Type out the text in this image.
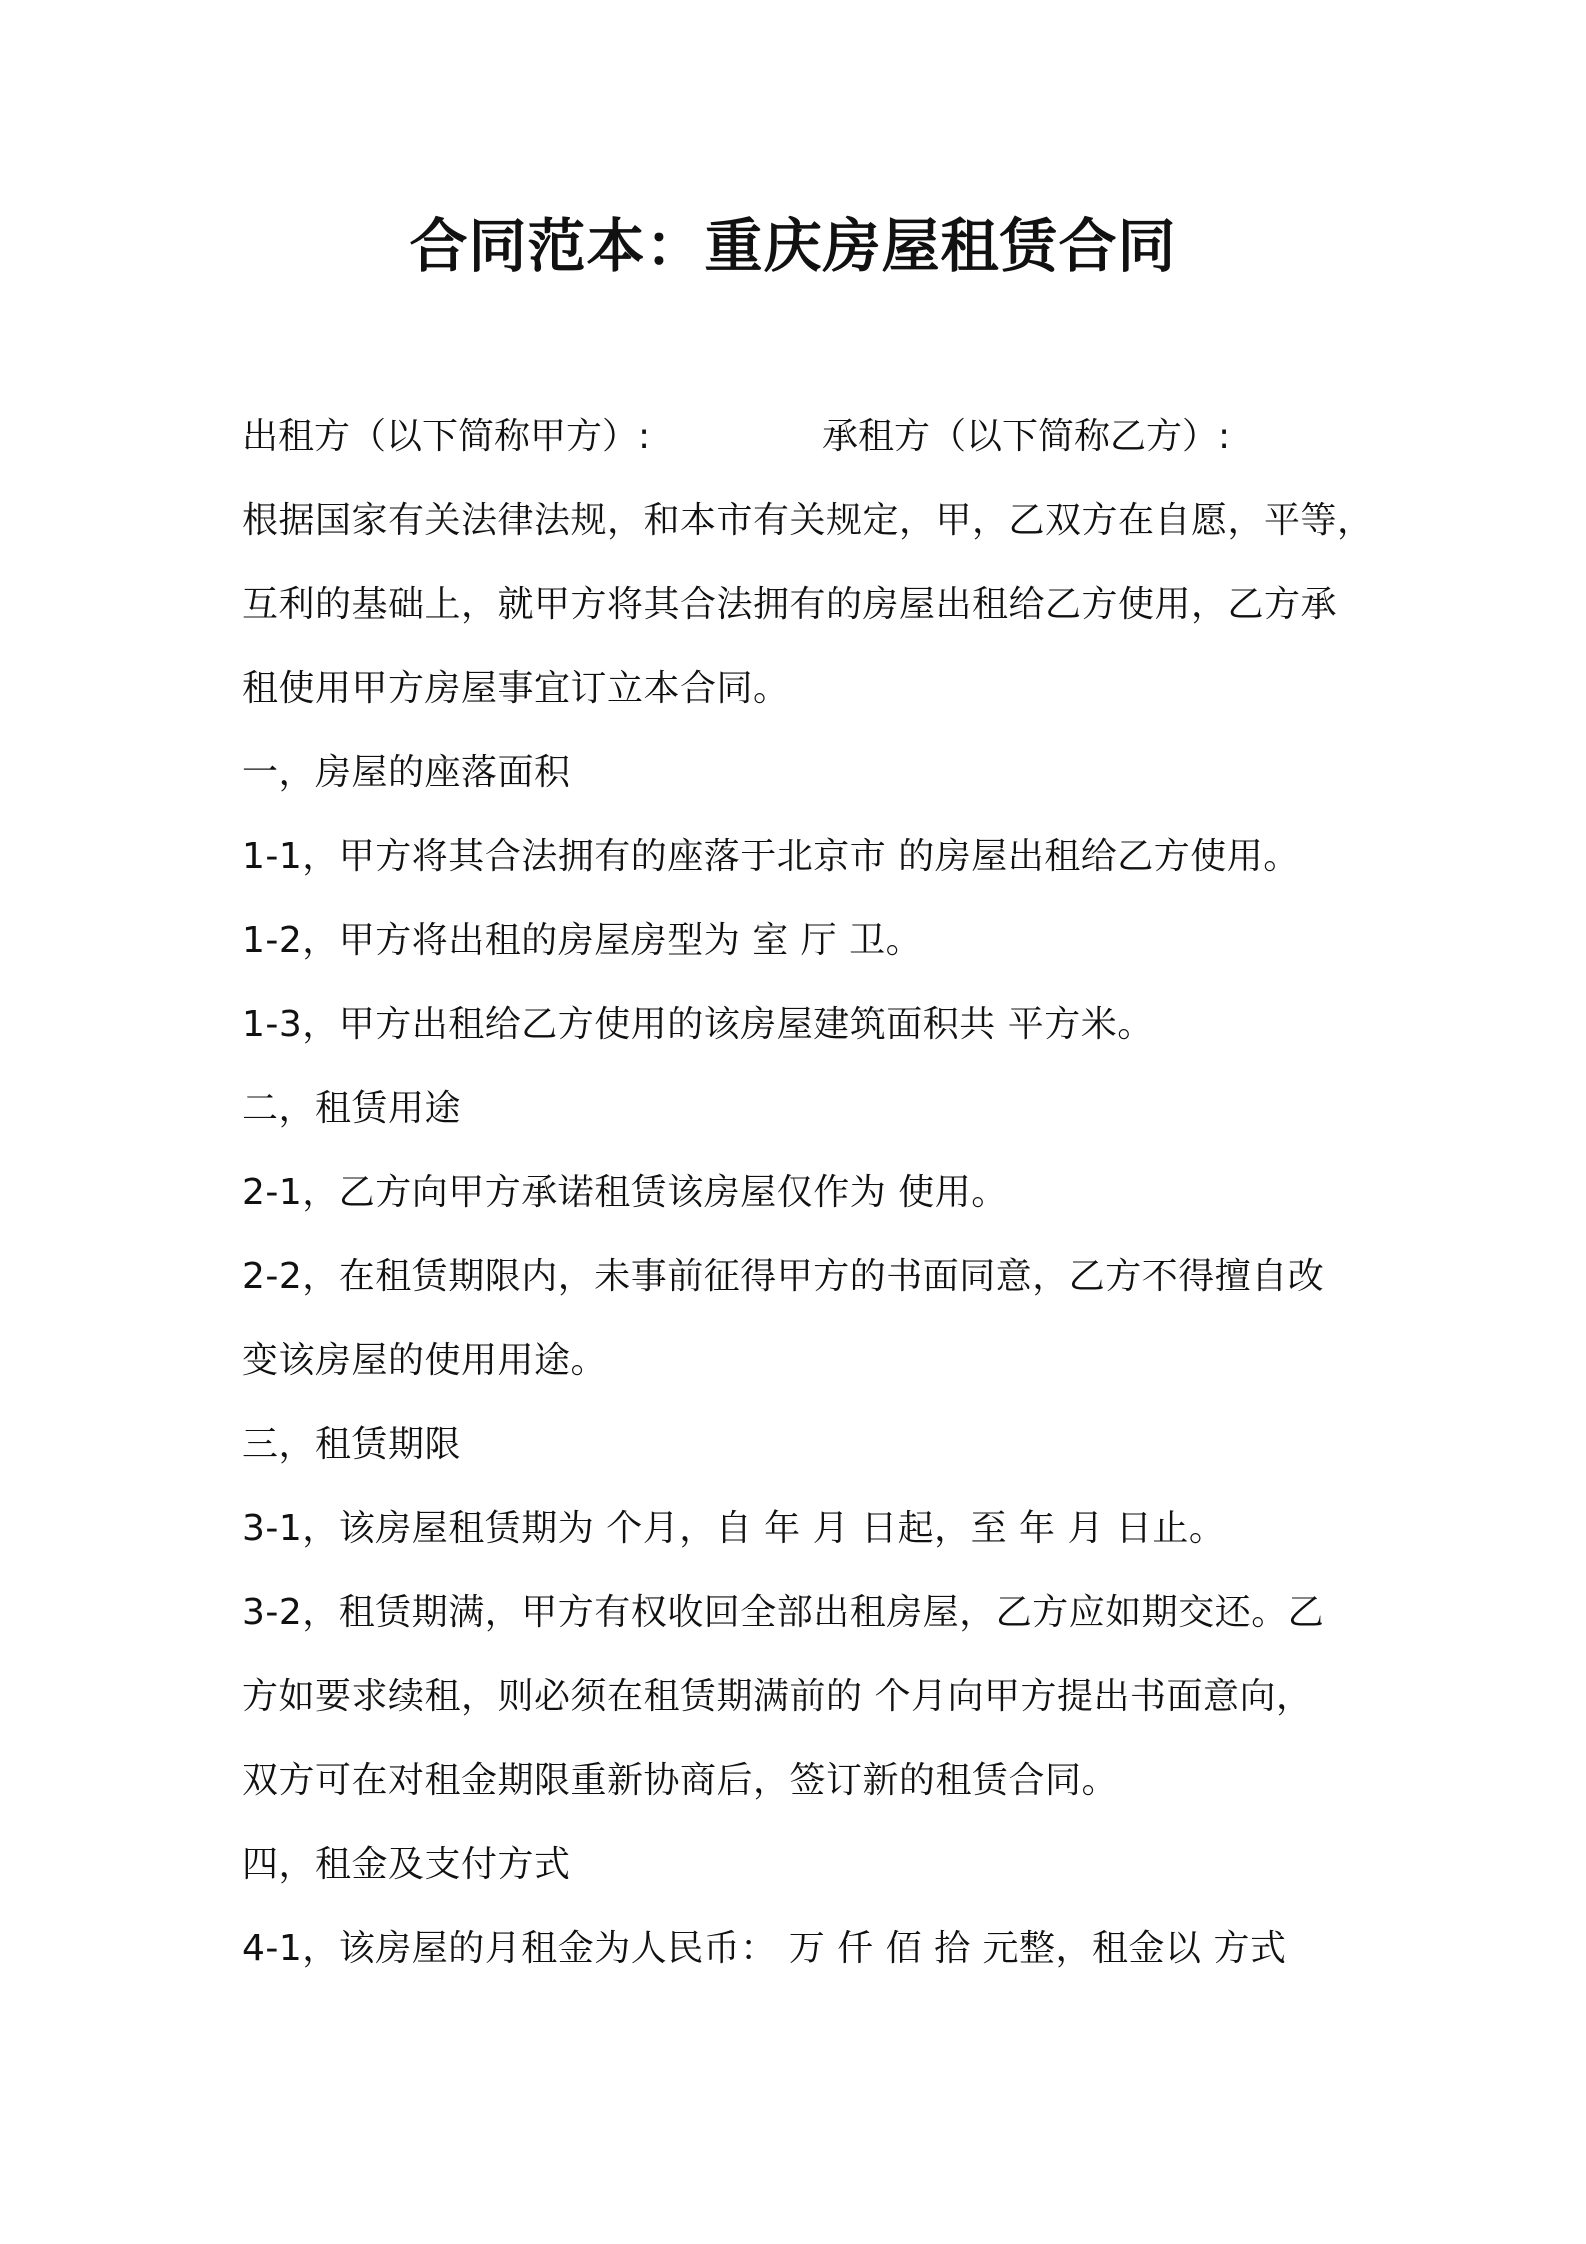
合同范本：重庆房屋租赁合同
出租方（以下简称甲方）:	承租方（以下简称乙方）:
根据国家有关法律法规，和本市有关规定，甲，乙双方在自愿，平等，
互利的基础上，就甲方将其合法拥有的房屋出租给乙方使用，乙方承
租使用甲方房屋事宜订立本合同。
一，房屋的座落面积
1-1，甲方将其合法拥有的座落于北京市 的房屋出租给乙方使用。
1-2，甲方将出租的房屋房型为 室 厅 卫。
1-3，甲方出租给乙方使用的该房屋建筑面积共 平方米。
二，租赁用途
2-1，乙方向甲方承诺租赁该房屋仅作为 使用。
2-2，在租赁期限内，未事前征得甲方的书面同意，乙方不得擅自改
变该房屋的使用用途。
三，租赁期限
3-1，该房屋租赁期为 个月，自 年 月 日起，至 年 月 日止。
3-2，租赁期满，甲方有权收回全部出租房屋，乙方应如期交还。乙
方如要求续租，则必须在租赁期满前的 个月向甲方提出书面意向，
双方可在对租金期限重新协商后，签订新的租赁合同。
四，租金及支付方式
4-1，该房屋的月租金为人民币： 万 仟 佰 拾 元整，租金以 方式
